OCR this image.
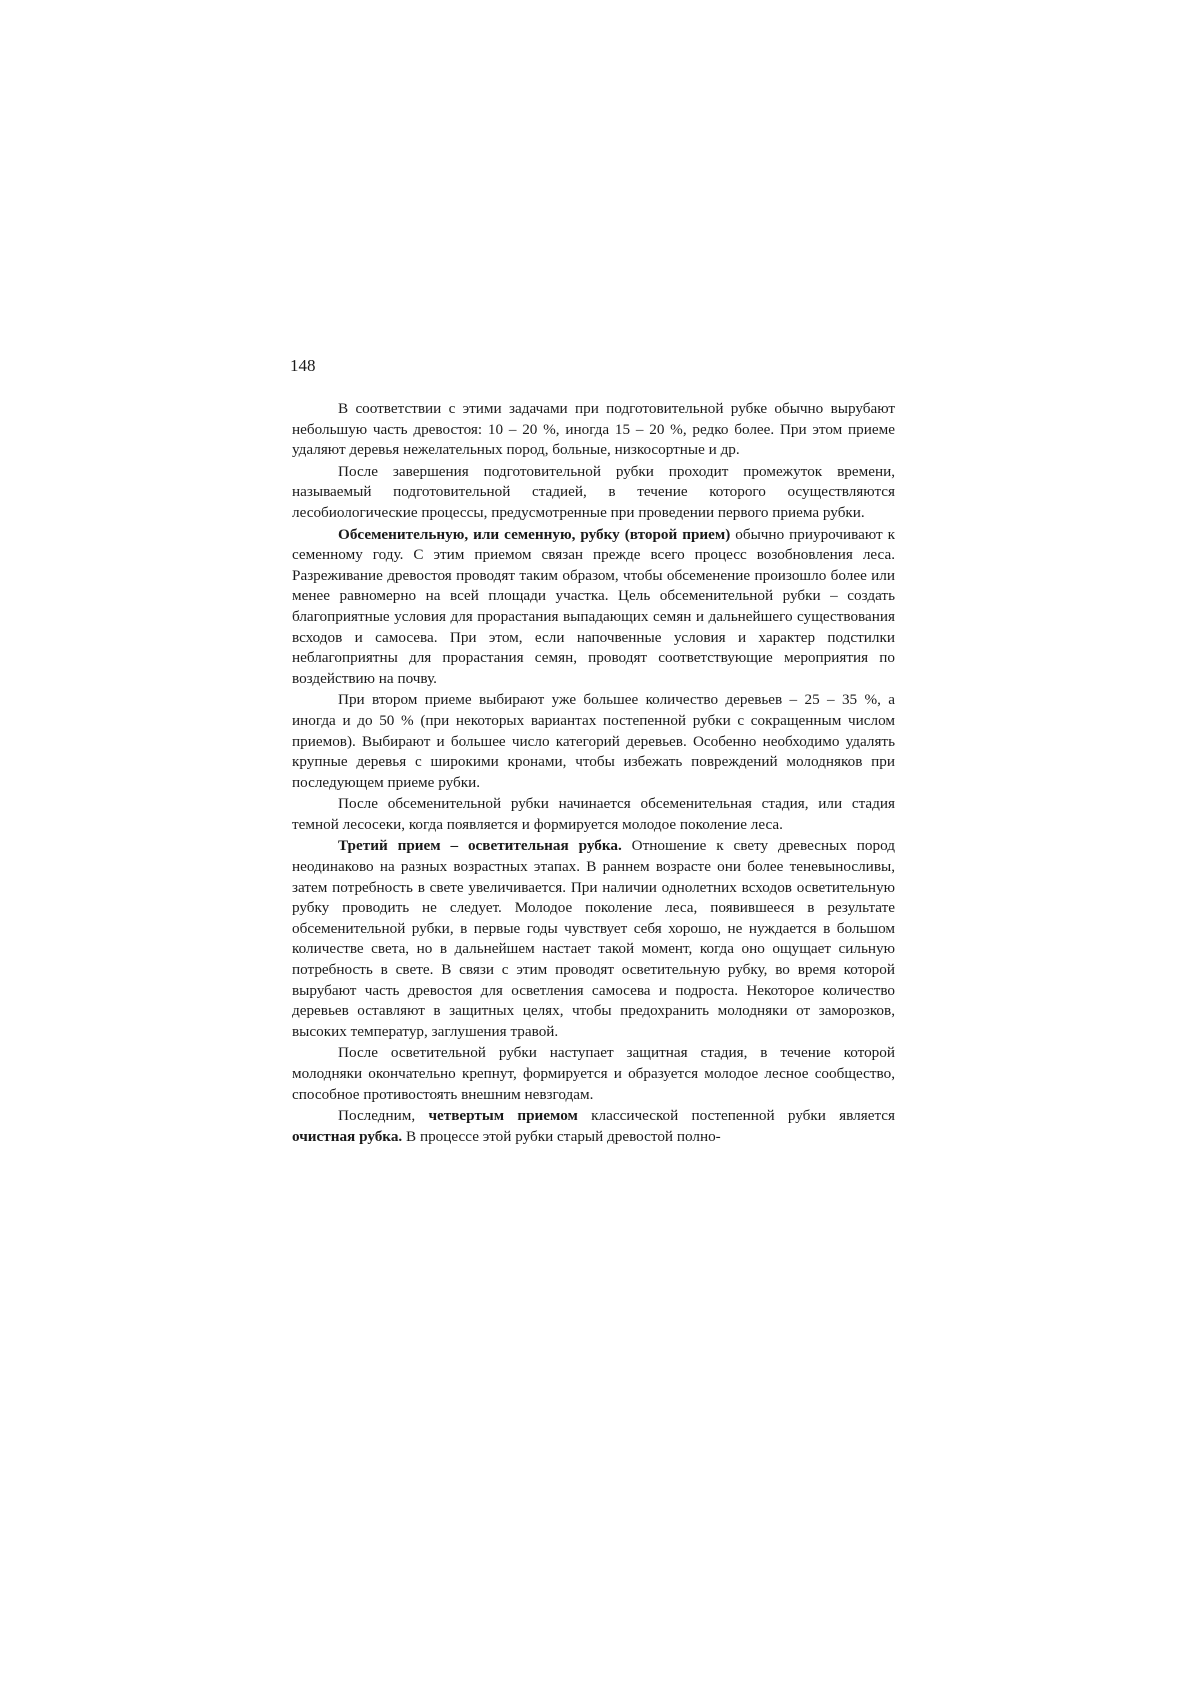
148

В соответствии с этими задачами при подготовительной рубке обычно вырубают небольшую часть древостоя: 10 – 20 %, иногда 15 – 20 %, редко более. При этом приеме удаляют деревья нежелательных пород, больные, низкосортные и др.

После завершения подготовительной рубки проходит промежуток времени, называемый подготовительной стадией, в течение которого осуществляются лесобиологические процессы, предусмотренные при проведении первого приема рубки.

Обсеменительную, или семенную, рубку (второй прием) обычно приурочивают к семенному году. С этим приемом связан прежде всего процесс возобновления леса. Разреживание древостоя проводят таким образом, чтобы обсеменение произошло более или менее равномерно на всей площади участка. Цель обсеменительной рубки – создать благоприятные условия для прорастания выпадающих семян и дальнейшего существования всходов и самосева. При этом, если напочвенные условия и характер подстилки неблагоприятны для прорастания семян, проводят соответствующие мероприятия по воздействию на почву.

При втором приеме выбирают уже большее количество деревьев – 25 – 35 %, а иногда и до 50 % (при некоторых вариантах постепенной рубки с сокращенным числом приемов). Выбирают и большее число категорий деревьев. Особенно необходимо удалять крупные деревья с широкими кронами, чтобы избежать повреждений молодняков при последующем приеме рубки.

После обсеменительной рубки начинается обсеменительная стадия, или стадия темной лесосеки, когда появляется и формируется молодое поколение леса.

Третий прием – осветительная рубка. Отношение к свету древесных пород неодинаково на разных возрастных этапах. В раннем возрасте они более теневыносливы, затем потребность в свете увеличивается. При наличии однолетних всходов осветительную рубку проводить не следует. Молодое поколение леса, появившееся в результате обсеменительной рубки, в первые годы чувствует себя хорошо, не нуждается в большом количестве света, но в дальнейшем настает такой момент, когда оно ощущает сильную потребность в свете. В связи с этим проводят осветительную рубку, во время которой вырубают часть древостоя для осветления самосева и подроста. Некоторое количество деревьев оставляют в защитных целях, чтобы предохранить молодняки от заморозков, высоких температур, заглушения травой.

После осветительной рубки наступает защитная стадия, в течение которой молодняки окончательно крепнут, формируется и образуется молодое лесное сообщество, способное противостоять внешним невзгодам.

Последним, четвертым приемом классической постепенной рубки является очистная рубка. В процессе этой рубки старый древостой полно-
